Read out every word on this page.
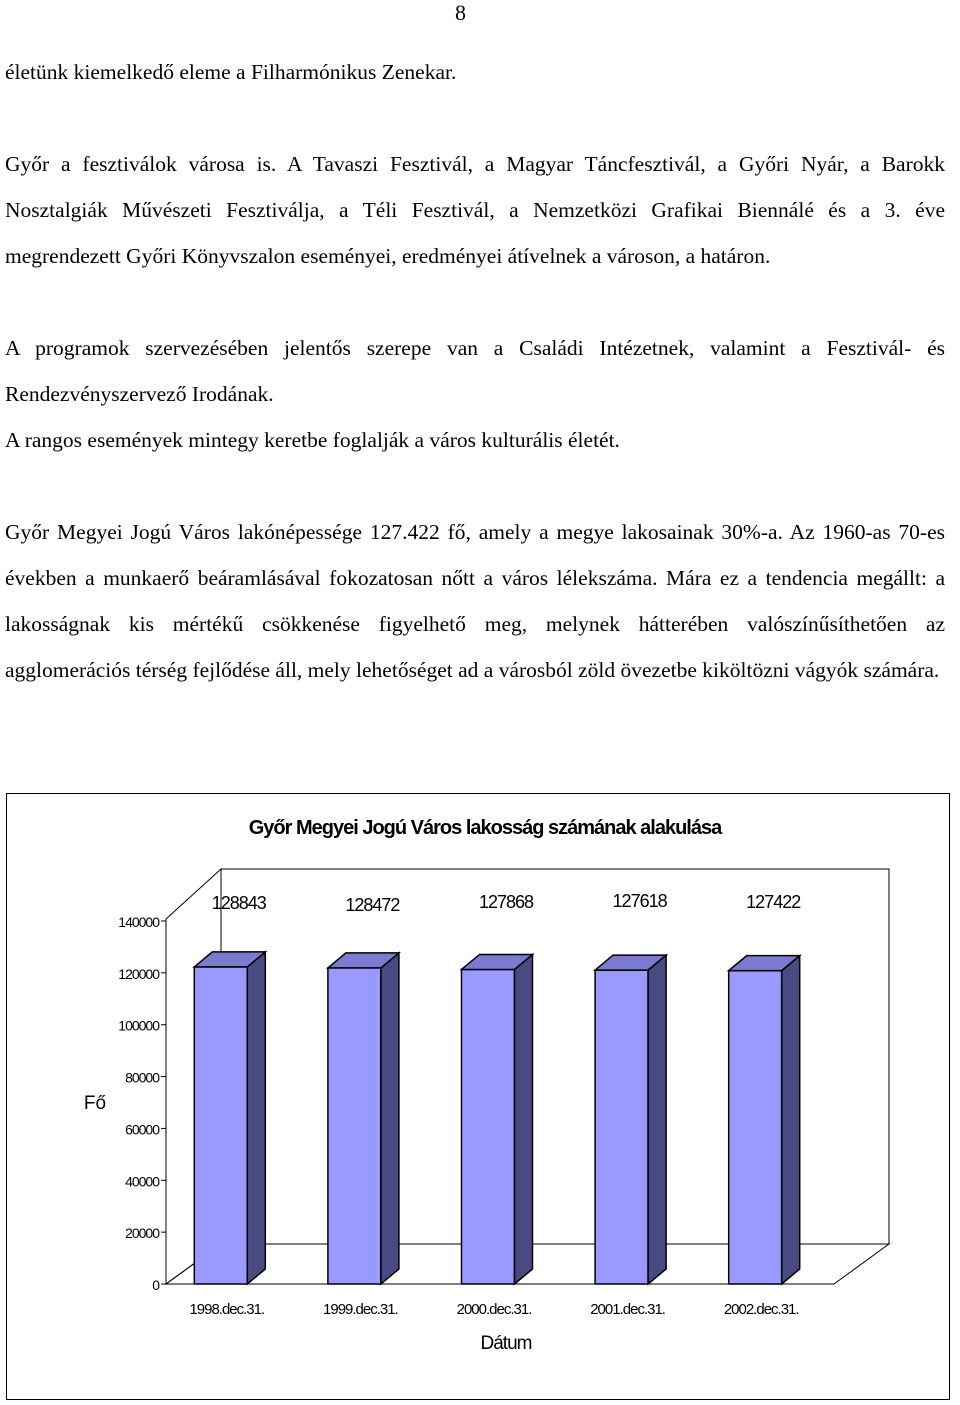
8

életünk kiemelkedő eleme a Filharmónikus Zenekar.

Győr a fesztiválok városa is. A Tavaszi Fesztivál, a Magyar Táncfesztivál, a Győri Nyár, a Barokk Nosztalgiák Művészeti Fesztiválja, a Téli Fesztivál, a Nemzetközi Grafikai Biennálé és a 3. éve megrendezett Győri Könyvszalon eseményei, eredményei átívelnek a városon, a határon.

A programok szervezésében jelentős szerepe van a Családi Intézetnek, valamint a Fesztivál- és Rendezvényszervező Irodának.

A rangos események mintegy keretbe foglalják a város kulturális életét.

Győr Megyei Jogú Város lakónépessége 127.422 fő, amely a megye lakosainak 30%-a. Az 1960-as 70-es években a munkaerő beáramlásával fokozatosan nőtt a város lélekszáma. Mára ez a tendencia megállt: a lakosságnak kis mértékű csökkenése figyelhető meg, melynek hátterében valószínűsíthetően az agglomerációs térség fejlődése áll, mely lehetőséget ad a városból zöld övezetbe kiköltözni vágyók számára.

Győr Megyei Jogú Város lakosság számának alakulása
0
20000
40000
60000
80000
100000
120000
140000
Fő
128843
1998.dec.31.
128472
1999.dec.31.
127868
2000.dec.31.
127618
2001.dec.31.
127422
2002.dec.31.
Dátum
